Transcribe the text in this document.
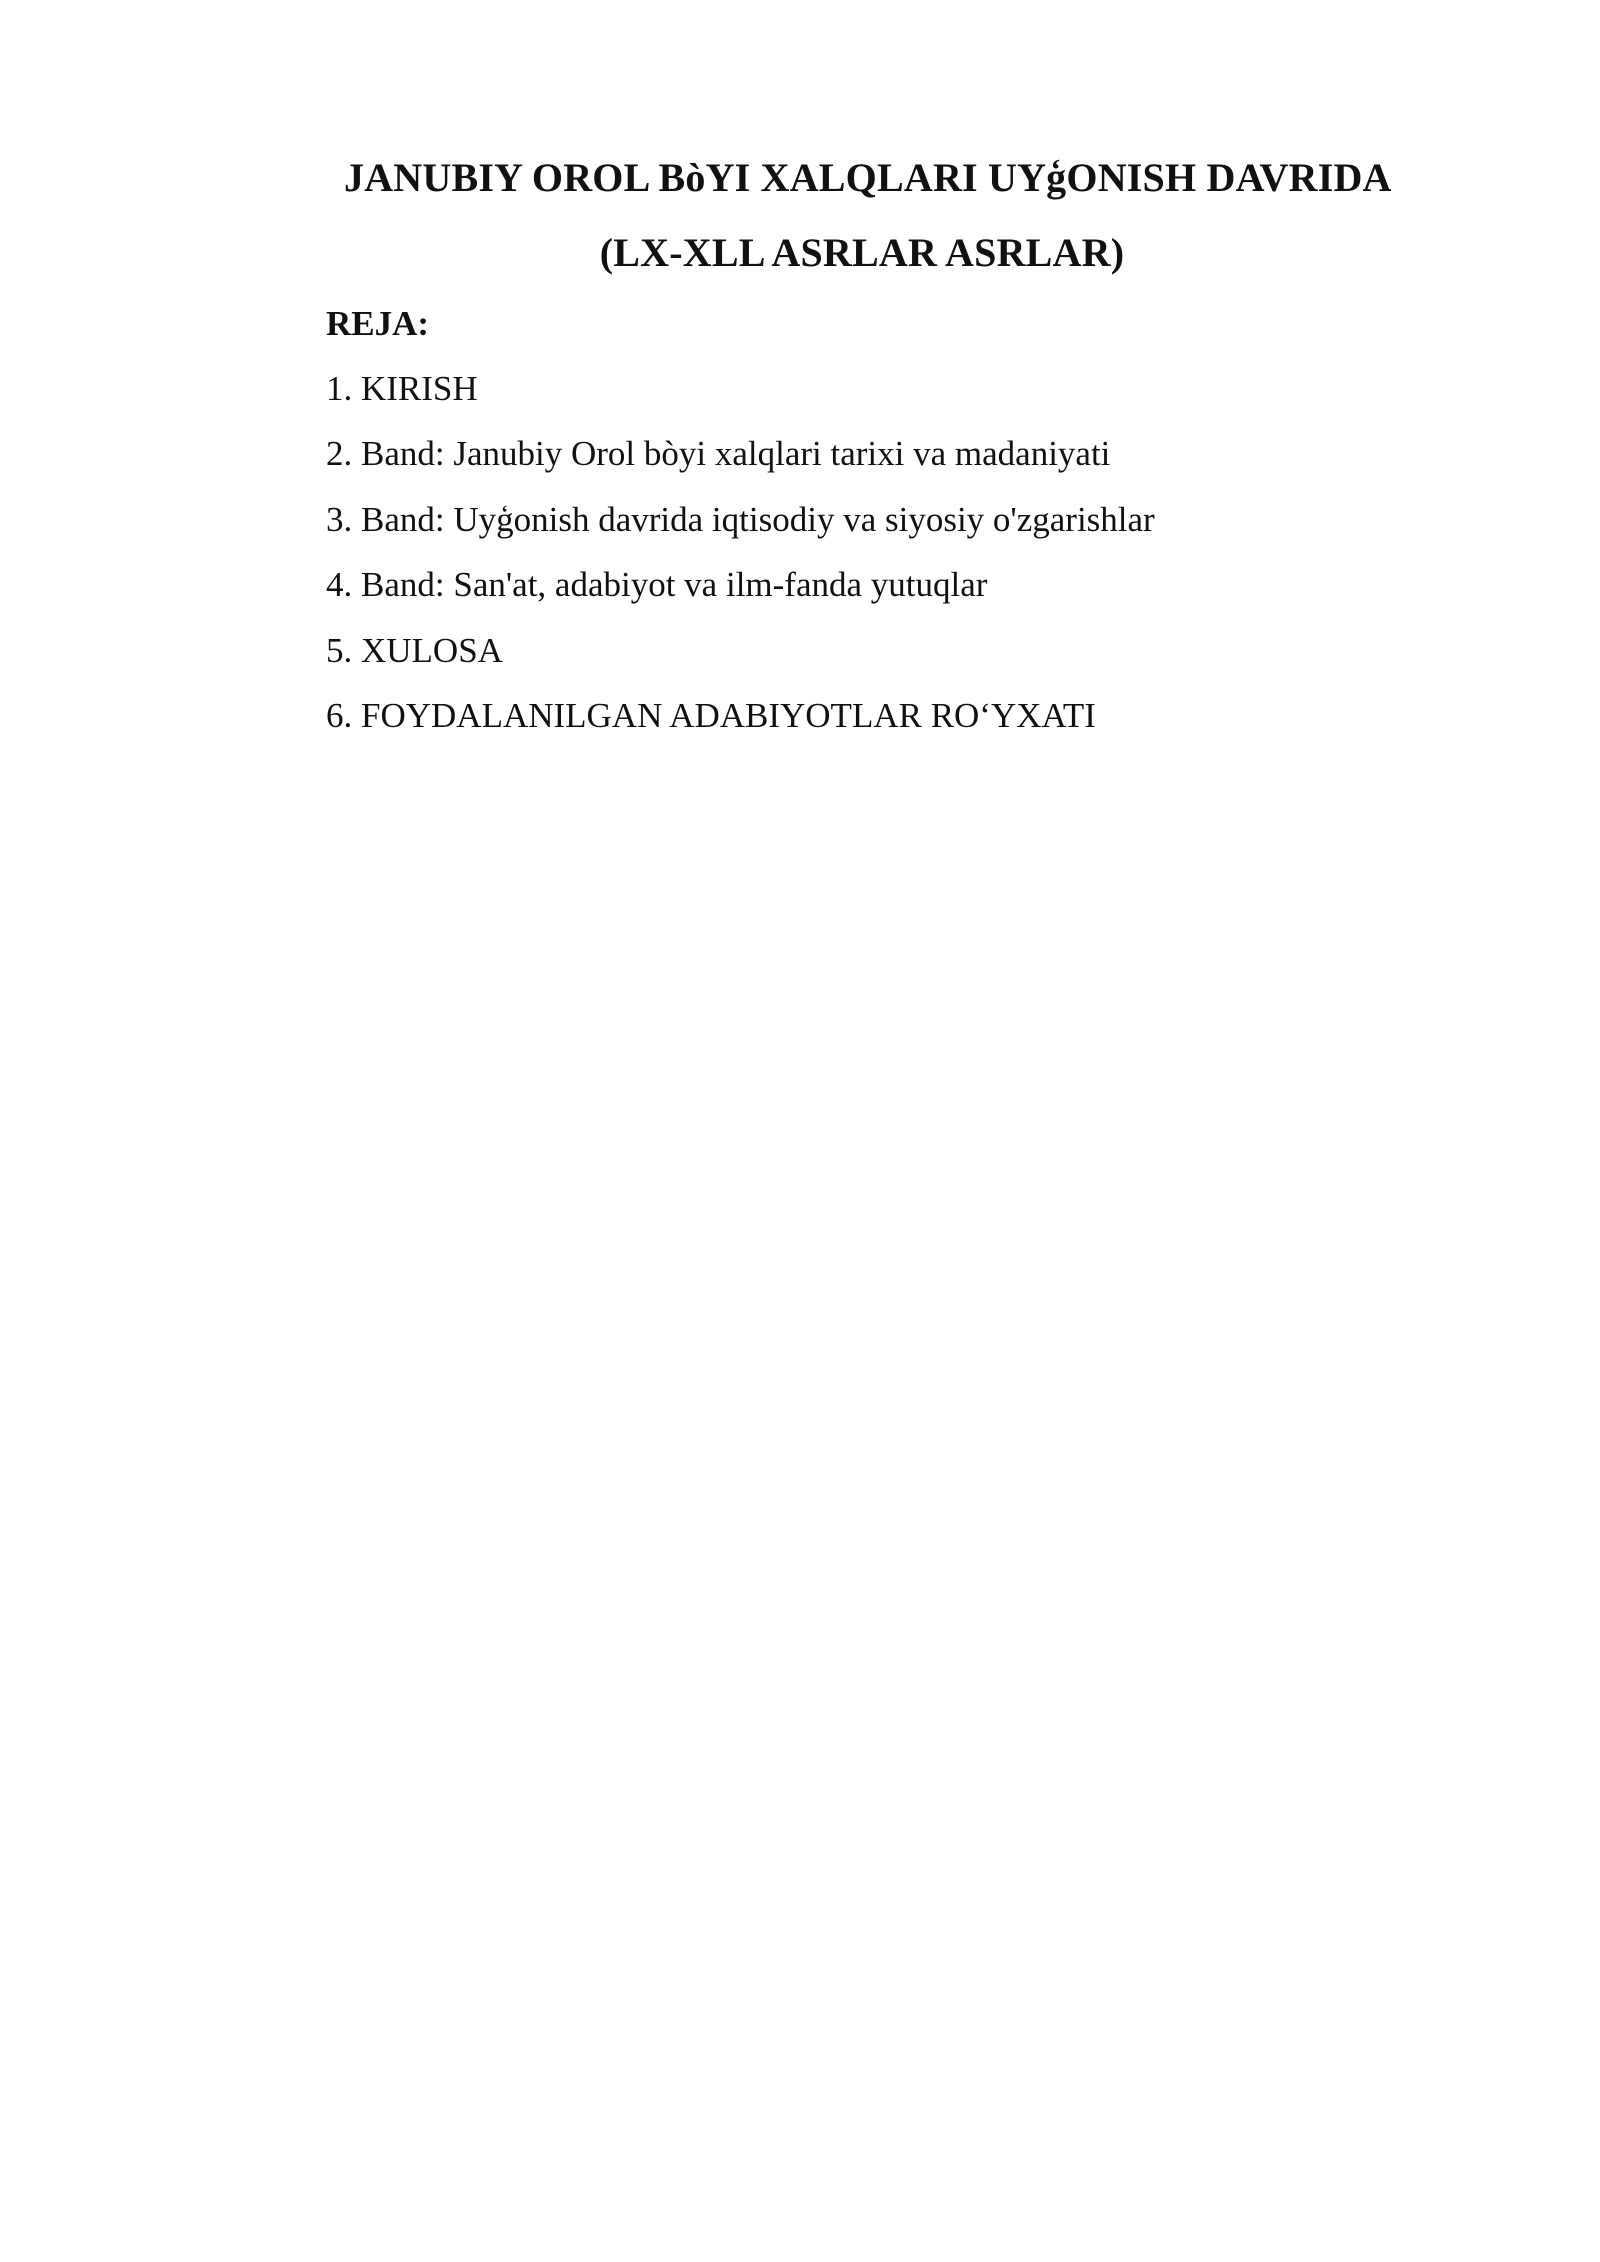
JANUBIY OROL BòYI XALQLARI UYģONISH DAVRIDA
(LX-XLL ASRLAR ASRLAR)
REJA:
1. KIRISH
2. Band: Janubiy Orol bòyi xalqlari tarixi va madaniyati
3. Band: Uyģonish davrida iqtisodiy va siyosiy o'zgarishlar
4. Band: San'at, adabiyot va ilm-fanda yutuqlar
5. XULOSA
6. FOYDALANILGAN ADABIYOTLAR RO‘YXATI
